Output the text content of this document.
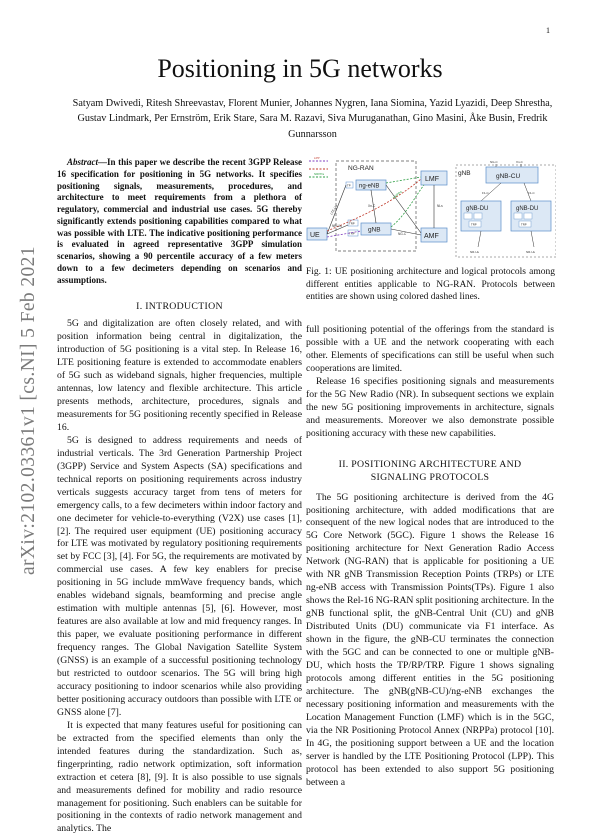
1
arXiv:2102.03361v1 [cs.NI] 5 Feb 2021
Positioning in 5G networks
Satyam Dwivedi, Ritesh Shreevastav, Florent Munier, Johannes Nygren, Iana Siomina, Yazid Lyazidi, Deep Shrestha, Gustav Lindmark, Per Ernström, Erik Stare, Sara M. Razavi, Siva Muruganathan, Gino Masini, Åke Busin, Fredrik Gunnarsson

Abstract—In this paper we describe the recent 3GPP Release 16 specification for positioning in 5G networks. It specifies positioning signals, measurements, procedures, and architecture to meet requirements from a plethora of regulatory, commercial and industrial use cases. 5G thereby significantly extends positioning capabilities compared to what was possible with LTE. The indicative positioning performance is evaluated in agreed representative 3GPP simulation scenarios, showing a 90 percentile accuracy of a few meters down to a few decimeters depending on scenarios and assumptions.

I. INTRODUCTION

5G and digitalization are often closely related, and with position information being central in digitalization, the introduction of 5G positioning is a vital step. In Release 16, LTE positioning feature is extended to accommodate enablers of 5G such as wideband signals, higher frequencies, multiple antennas, low latency and flexible architecture. This article presents methods, architecture, procedures, signals and measurements for 5G positioning recently specified in Release 16.

5G is designed to address requirements and needs of industrial verticals. The 3rd Generation Partnership Project (3GPP) Service and System Aspects (SA) specifications and technical reports on positioning requirements across industry verticals suggests accuracy target from tens of meters for emergency calls, to a few decimeters within indoor factory and one decimeter for vehicle-to-everything (V2X) use cases [1], [2]. The required user equipment (UE) positioning accuracy for LTE was motivated by regulatory positioning requirements set by FCC [3], [4]. For 5G, the requirements are motivated by commercial use cases. A few key enablers for precise positioning in 5G include mmWave frequency bands, which enables wideband signals, beamforming and precise angle estimation with multiple antennas [5], [6]. However, most features are also available at low and mid frequency ranges. In this paper, we evaluate positioning performance in different frequency ranges. The Global Navigation Satellite System (GNSS) is an example of a successful positioning technology but restricted to outdoor scenarios. The 5G will bring high accuracy positioning to indoor scenarios while also providing better positioning accuracy outdoors than possible with LTE or GNSS alone [7].

It is expected that many features useful for positioning can be extracted from the specified elements than only the intended features during the standardization. Such as, fingerprinting, radio network optimization, soft information extraction et cetera [8], [9]. It is also possible to use signals and measurements defined for mobility and radio resource management for positioning. Such enablers can be suitable for positioning in the contexts of radio network management and analytics. The

LPP
NRPPa
NG-RAN
ng-eNB
TP
gNB
TRP
TRP
UE
LMF
AMF
NRPPa
NLs
LTE-Uu
NR-Uu
Xn-C
NG-C
gNB	gNB-CU
NG-C	Xn-C
F1-C	F1-C
gNB-DU
TRP
gNB-DU
TRP
NR-Uu	NR-Uu
Fig. 1: UE positioning architecture and logical protocols among different entities applicable to NG-RAN. Protocols between entities are shown using colored dashed lines.

full positioning potential of the offerings from the standard is possible with a UE and the network cooperating with each other. Elements of specifications can still be useful when such cooperations are limited.

Release 16 specifies positioning signals and measurements for the 5G New Radio (NR). In subsequent sections we explain the new 5G positioning improvements in architecture, signals and measurements. Moreover we also demonstrate possible positioning accuracy with these new capabilities.

II. POSITIONING ARCHITECTURE AND SIGNALING PROTOCOLS

The 5G positioning architecture is derived from the 4G positioning architecture, with added modifications that are consequent of the new logical nodes that are introduced to the 5G Core Network (5GC). Figure 1 shows the Release 16 positioning architecture for Next Generation Radio Access Network (NG-RAN) that is applicable for positioning a UE with NR gNB Transmission Reception Points (TRPs) or LTE ng-eNB access with Transmission Points(TPs). Figure 1 also shows the Rel-16 NG-RAN split positioning architecture. In the gNB functional split, the gNB-Central Unit (CU) and gNB Distributed Units (DU) communicate via F1 interface. As shown in the figure, the gNB-CU terminates the connection with the 5GC and can be connected to one or multiple gNB-DU, which hosts the TP/RP/TRP. Figure 1 shows signaling protocols among different entities in the 5G positioning architecture. The gNB(gNB-CU)/ng-eNB exchanges the necessary positioning information and measurements with the Location Management Function (LMF) which is in the 5GC, via the NR Positioning Protocol Annex (NRPPa) protocol [10]. In 4G, the positioning support between a UE and the location server is handled by the LTE Positioning Protocol (LPP). This protocol has been extended to also support 5G positioning between a
